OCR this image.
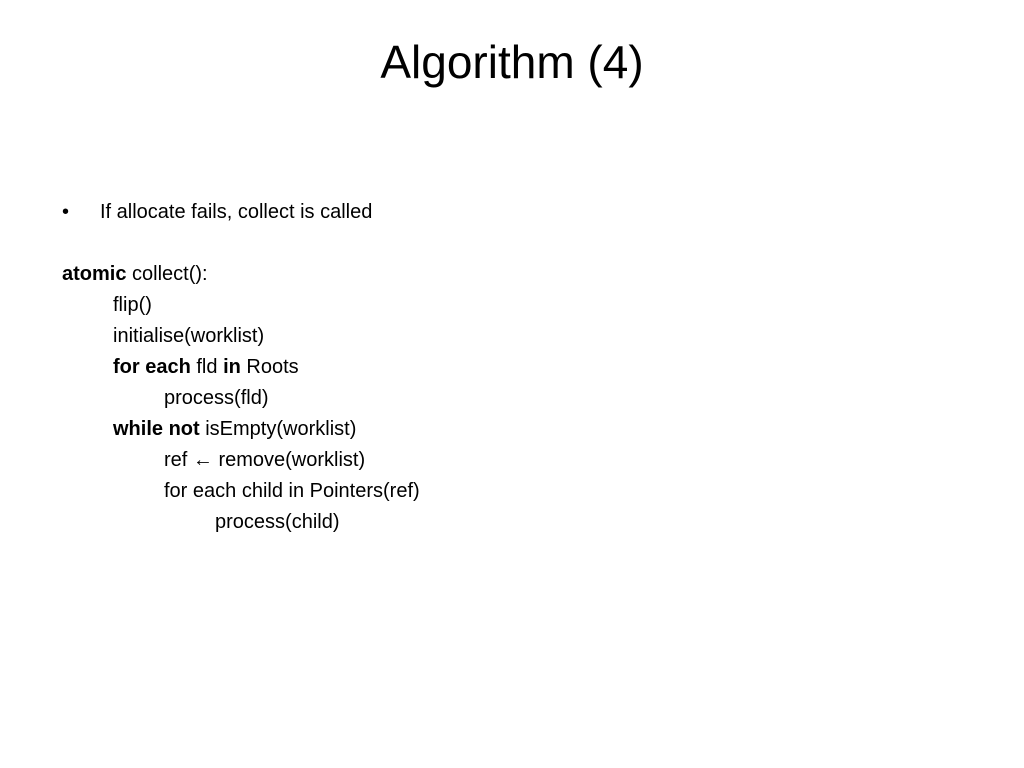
Algorithm (4)
• If allocate fails, collect is called
atomic collect():
flip()
initialise(worklist)
for each fld in Roots
process(fld)
while not isEmpty(worklist)
ref ← remove(worklist)
for each child in Pointers(ref)
process(child)
